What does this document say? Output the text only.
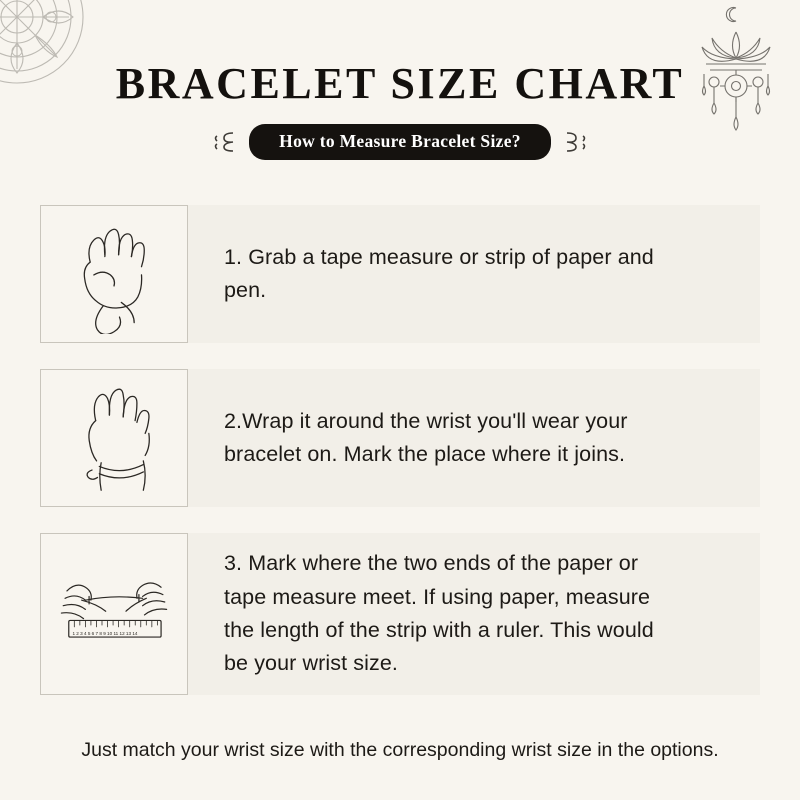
BRACELET SIZE CHART
How to Measure Bracelet Size?

1. Grab a tape measure or strip of paper and
pen.

2.Wrap it around the wrist you'll wear your
bracelet on. Mark the place where it joins.

1 2 3 4 5 6 7 8 9 10 11 12 13 14

3. Mark where the two ends of the paper or
tape measure meet. If using paper, measure
the length of the strip with a ruler. This would
be your wrist size.

Just match your wrist size with the corresponding wrist size in the options.
